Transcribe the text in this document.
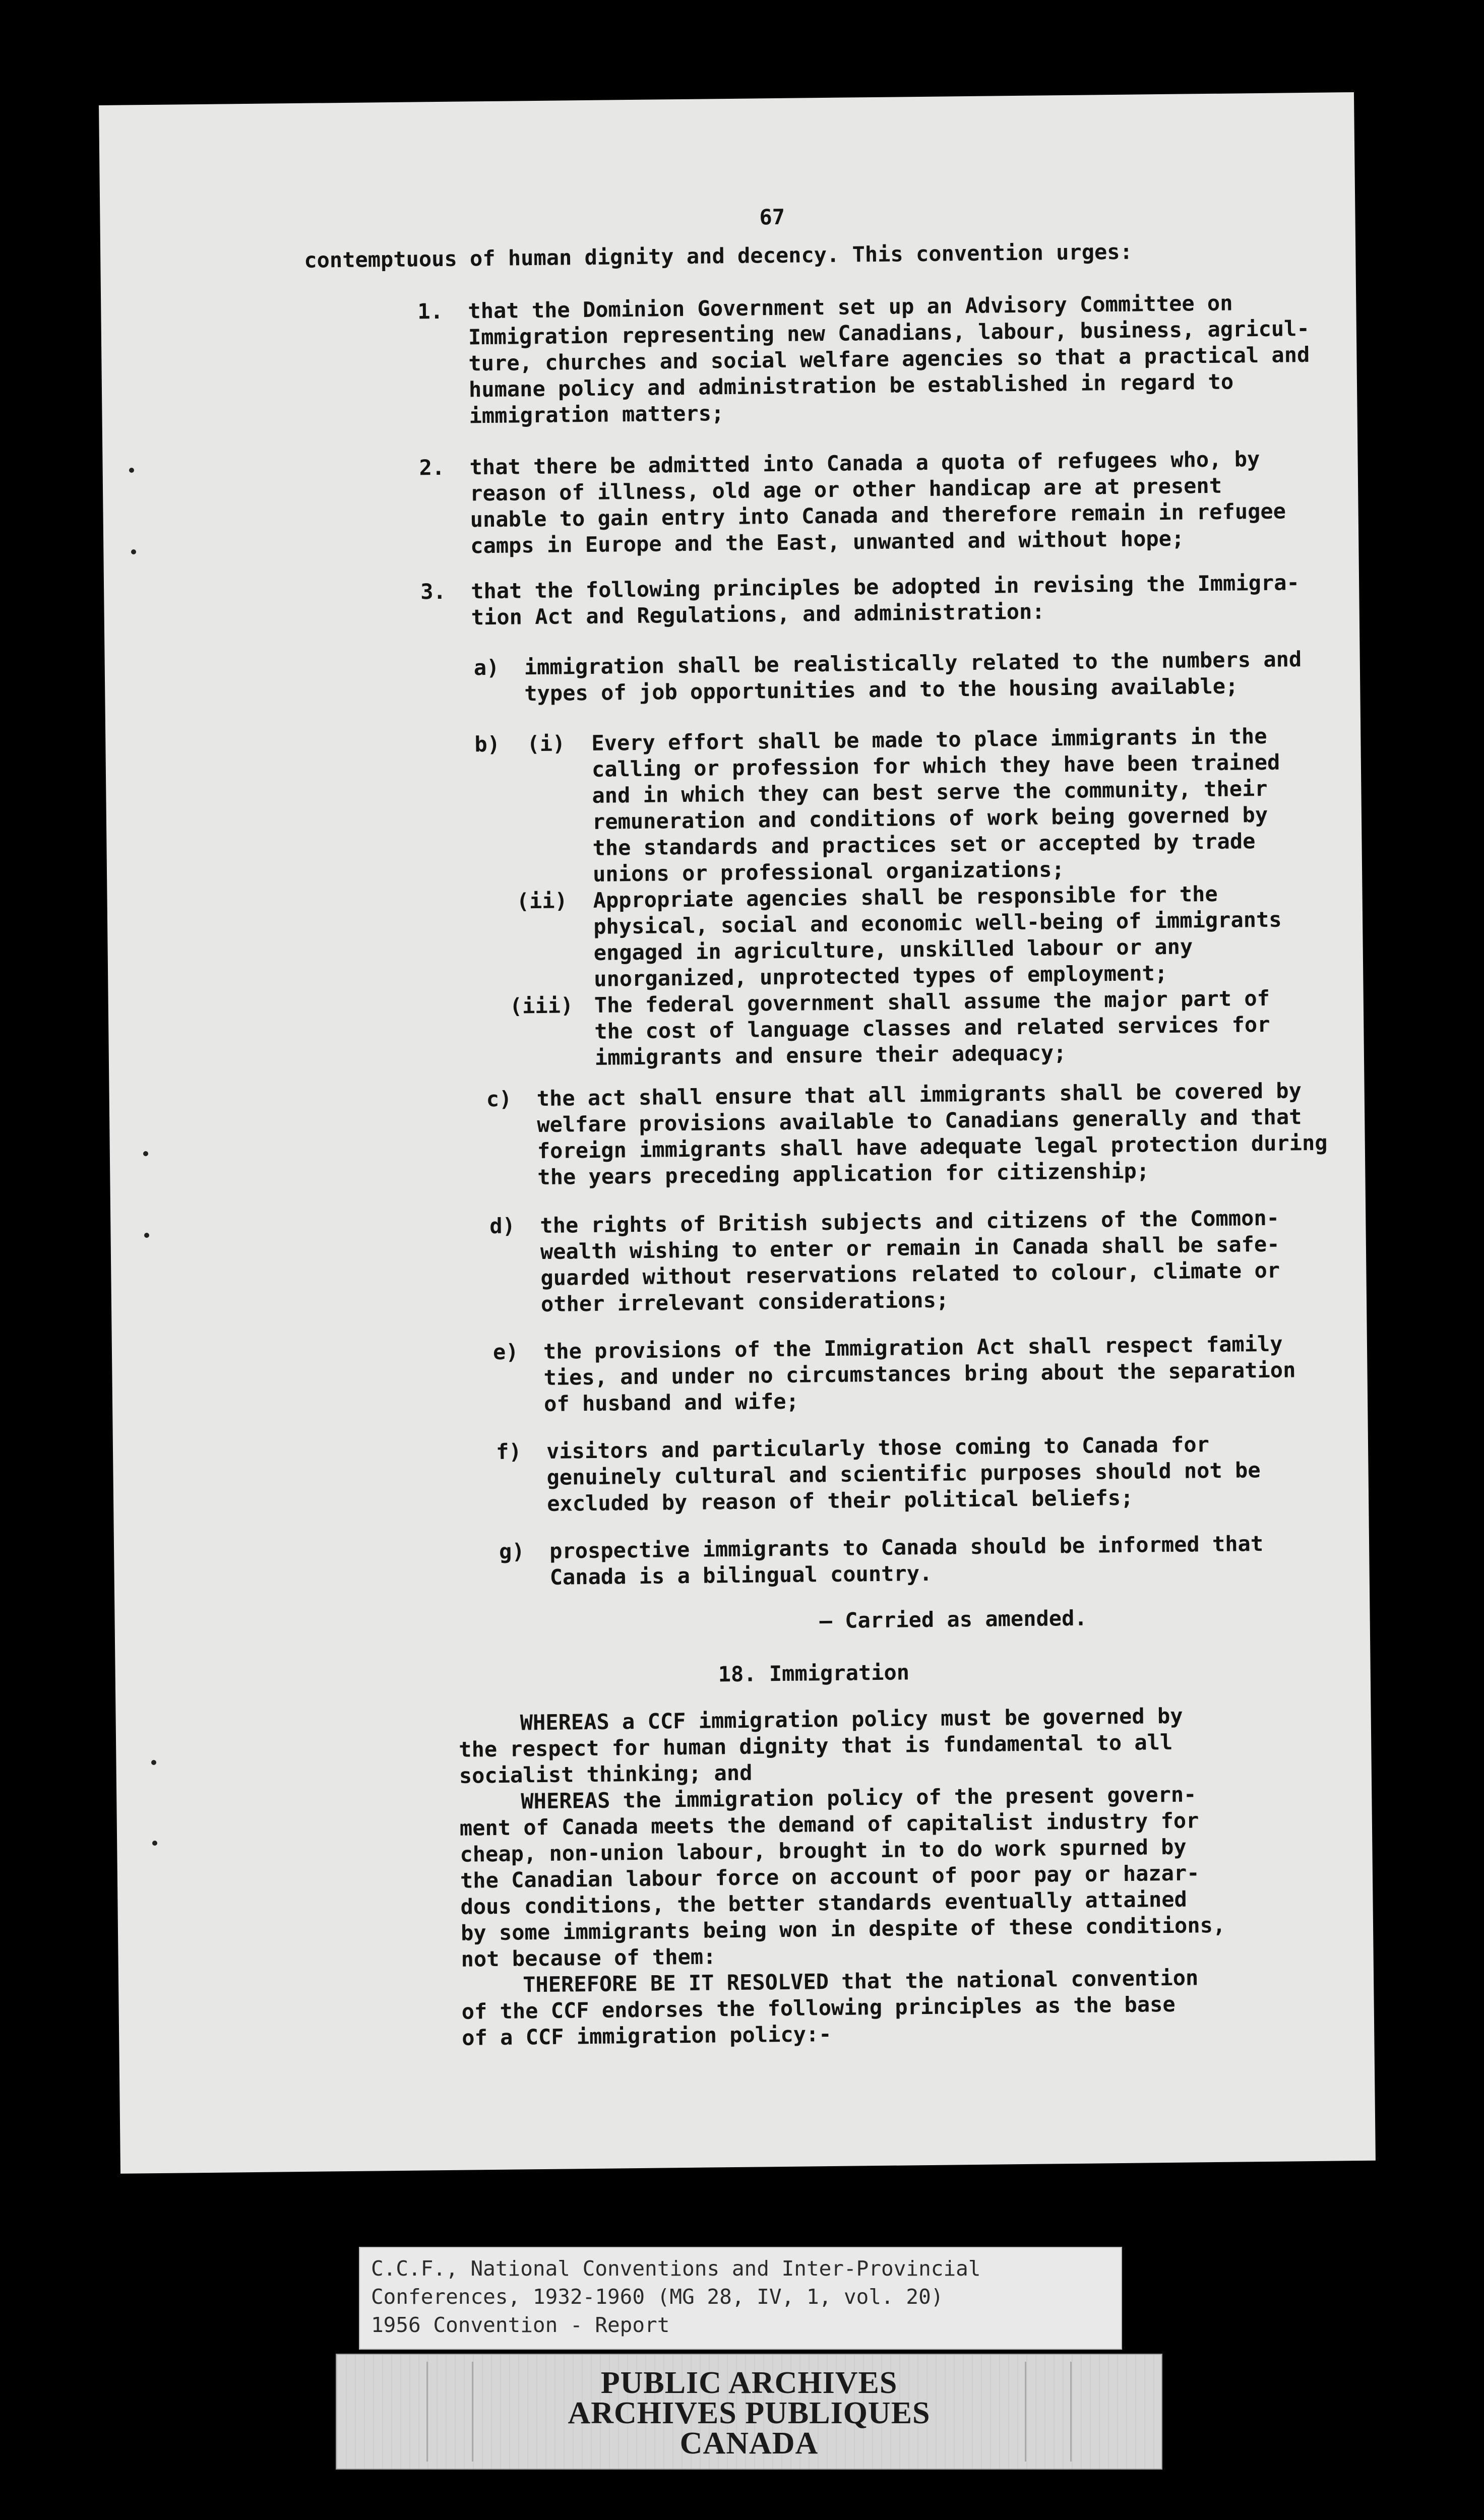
67
contemptuous of human dignity and decency. This convention urges:
1. that the Dominion Government set up an Advisory Committee on
Immigration representing new Canadians, labour, business, agricul-
ture, churches and social welfare agencies so that a practical and
humane policy and administration be established in regard to
immigration matters;
2. that there be admitted into Canada a quota of refugees who, by
reason of illness, old age or other handicap are at present
unable to gain entry into Canada and therefore remain in refugee
camps in Europe and the East, unwanted and without hope;
3. that the following principles be adopted in revising the Immigra-
tion Act and Regulations, and administration:
a) immigration shall be realistically related to the numbers and
types of job opportunities and to the housing available;
b) (i) Every effort shall be made to place immigrants in the
calling or profession for which they have been trained
and in which they can best serve the community, their
remuneration and conditions of work being governed by
the standards and practices set or accepted by trade
unions or professional organizations;
(ii) Appropriate agencies shall be responsible for the
physical, social and economic well-being of immigrants
engaged in agriculture, unskilled labour or any
unorganized, unprotected types of employment;
(iii) The federal government shall assume the major part of
the cost of language classes and related services for
immigrants and ensure their adequacy;
c) the act shall ensure that all immigrants shall be covered by
welfare provisions available to Canadians generally and that
foreign immigrants shall have adequate legal protection during
the years preceding application for citizenship;
d) the rights of British subjects and citizens of the Common-
wealth wishing to enter or remain in Canada shall be safe-
guarded without reservations related to colour, climate or
other irrelevant considerations;
e) the provisions of the Immigration Act shall respect family
ties, and under no circumstances bring about the separation
of husband and wife;
f) visitors and particularly those coming to Canada for
genuinely cultural and scientific purposes should not be
excluded by reason of their political beliefs;
g) prospective immigrants to Canada should be informed that
Canada is a bilingual country.
— Carried as amended.
18. Immigration
WHEREAS a CCF immigration policy must be governed by
the respect for human dignity that is fundamental to all
socialist thinking; and
WHEREAS the immigration policy of the present govern-
ment of Canada meets the demand of capitalist industry for
cheap, non-union labour, brought in to do work spurned by
the Canadian labour force on account of poor pay or hazar-
dous conditions, the better standards eventually attained
by some immigrants being won in despite of these conditions,
not because of them:
THEREFORE BE IT RESOLVED that the national convention
of the CCF endorses the following principles as the base
of a CCF immigration policy:-
C.C.F., National Conventions and Inter-Provincial
Conferences, 1932-1960 (MG 28, IV, 1, vol. 20)
1956 Convention - Report
PUBLIC ARCHIVES
ARCHIVES PUBLIQUES
CANADA
